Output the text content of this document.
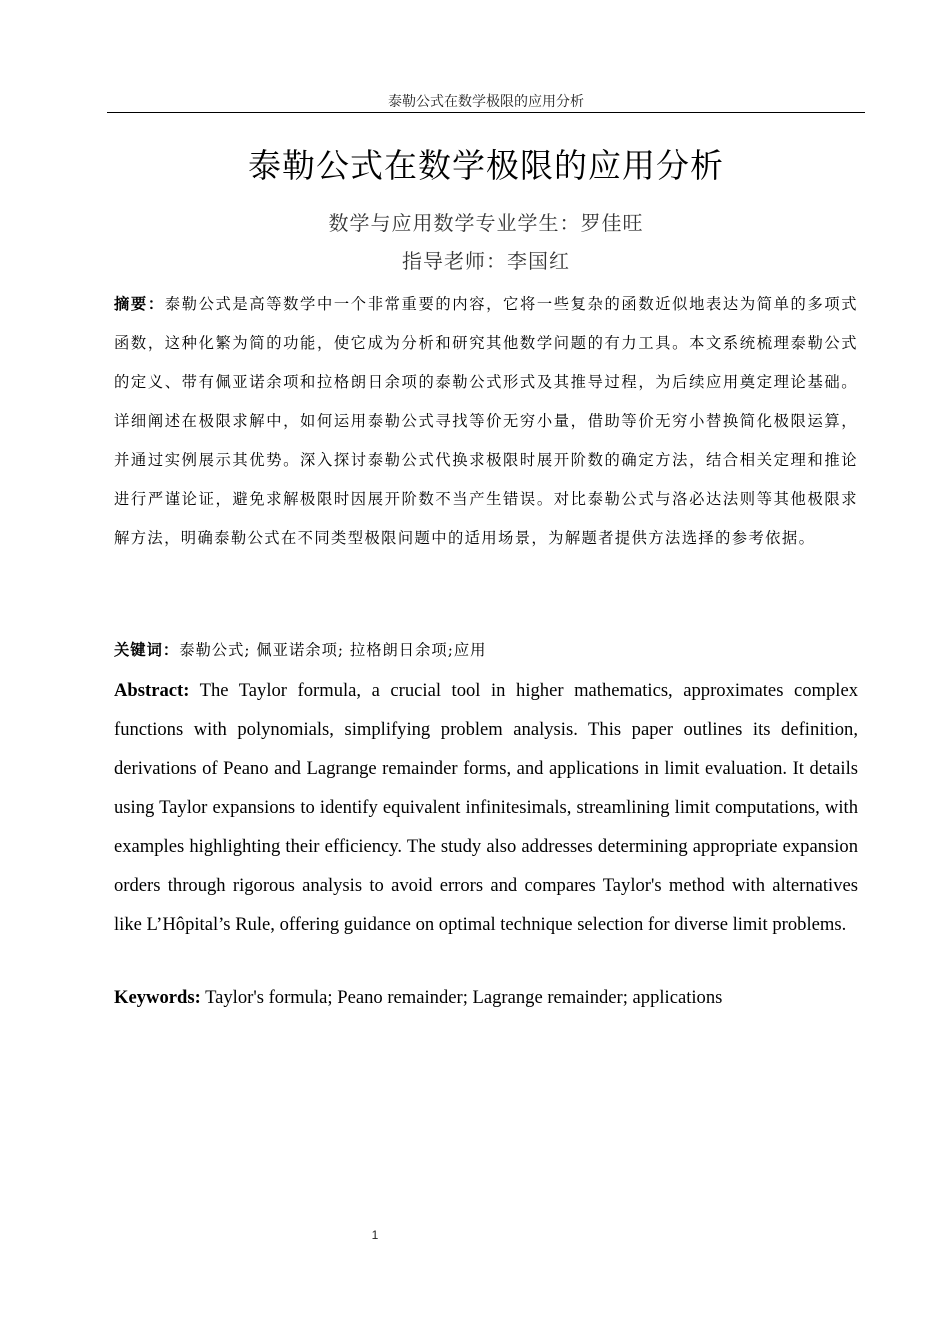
泰勒公式在数学极限的应用分析
泰勒公式在数学极限的应用分析
数学与应用数学专业学生：罗佳旺
指导老师：李国红
摘要：泰勒公式是高等数学中一个非常重要的内容，它将一些复杂的函数近似地表达为简单的多项式函数，这种化繁为简的功能，使它成为分析和研究其他数学问题的有力工具。本文系统梳理泰勒公式的定义、带有佩亚诺余项和拉格朗日余项的泰勒公式形式及其推导过程，为后续应用奠定理论基础。详细阐述在极限求解中，如何运用泰勒公式寻找等价无穷小量，借助等价无穷小替换简化极限运算，并通过实例展示其优势。深入探讨泰勒公式代换求极限时展开阶数的确定方法，结合相关定理和推论进行严谨论证，避免求解极限时因展开阶数不当产生错误。对比泰勒公式与洛必达法则等其他极限求解方法，明确泰勒公式在不同类型极限问题中的适用场景，为解题者提供方法选择的参考依据。
关键词：泰勒公式; 佩亚诺余项; 拉格朗日余项;应用
Abstract: The Taylor formula, a crucial tool in higher mathematics, approximates complex functions with polynomials, simplifying problem analysis. This paper outlines its definition, derivations of Peano and Lagrange remainder forms, and applications in limit evaluation. It details using Taylor expansions to identify equivalent infinitesimals, streamlining limit computations, with examples highlighting their efficiency. The study also addresses determining appropriate expansion orders through rigorous analysis to avoid errors and compares Taylor's method with alternatives like L’Hôpital’s Rule, offering guidance on optimal technique selection for diverse limit problems.
Keywords: Taylor's formula; Peano remainder; Lagrange remainder; applications
1
